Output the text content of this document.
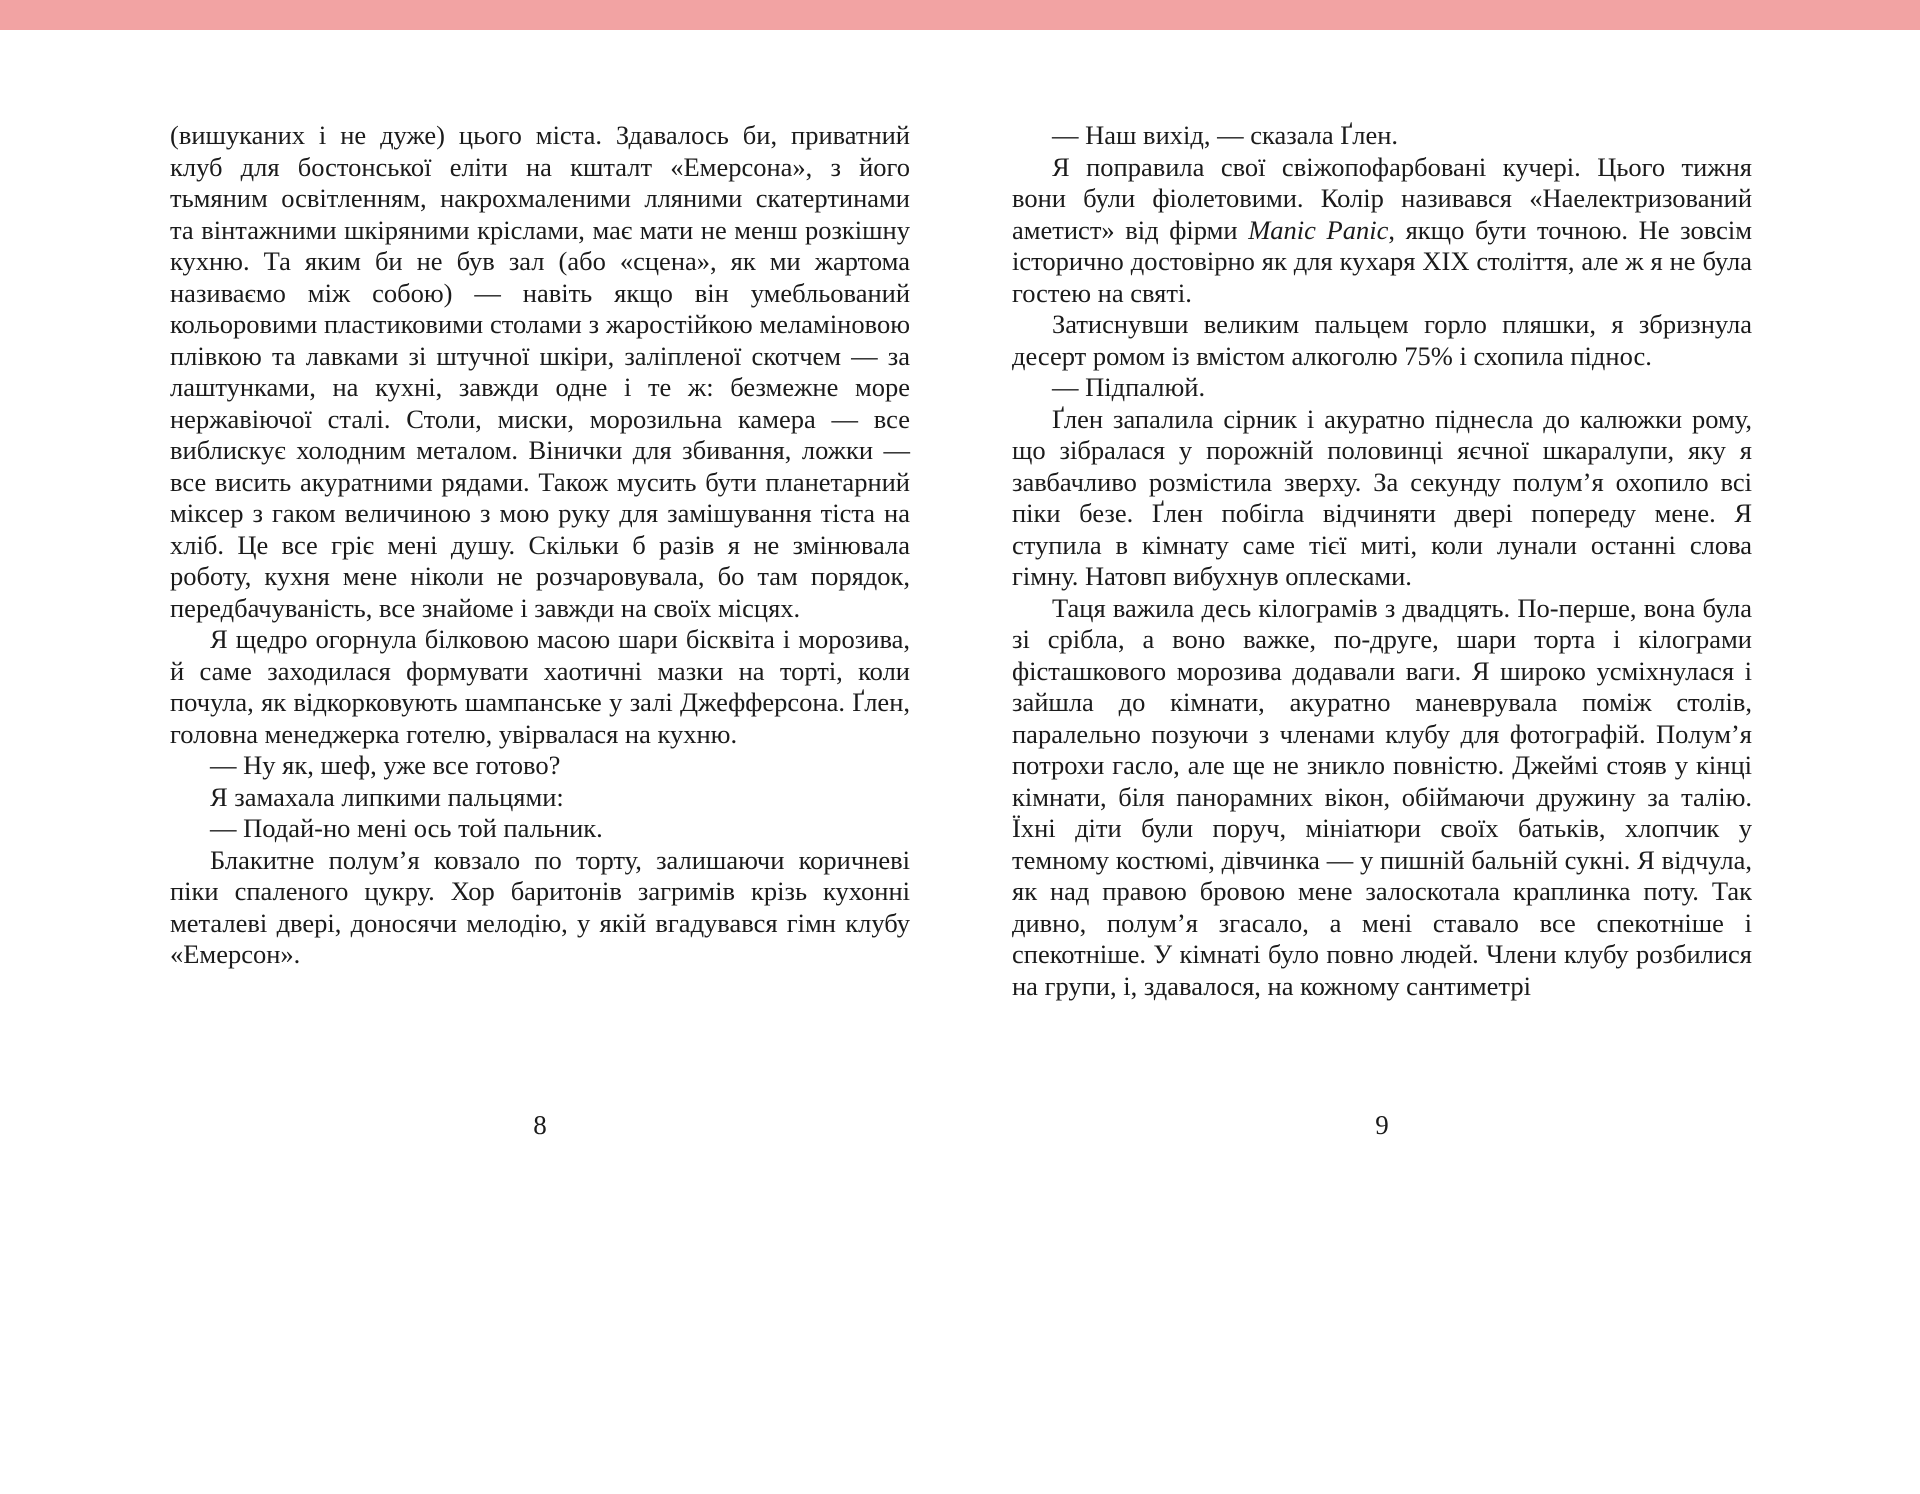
(вишуканих і не дуже) цього міста. Здавалось би, приватний клуб для бостонської еліти на кшталт «Емерсона», з його тьмяним освітленням, накрохмаленими лляними скатертинами та вінтажними шкіряними кріслами, має мати не менш розкішну кухню. Та яким би не був зал (або «сцена», як ми жартома називаємо між собою) — навіть якщо він умебльований кольоровими пластиковими столами з жаростійкою меламіновою плівкою та лавками зі штучної шкіри, заліпленої скотчем — за лаштунками, на кухні, завжди одне і те ж: безмежне море нержавіючої сталі. Столи, миски, морозильна камера — все виблискує холодним металом. Вінички для збивання, ложки — все висить акуратними рядами. Також мусить бути планетарний міксер з гаком величиною з мою руку для замішування тіста на хліб. Це все гріє мені душу. Скільки б разів я не змінювала роботу, кухня мене ніколи не розчаровувала, бо там порядок, передбачуваність, все знайоме і завжди на своїх місцях.

Я щедро огорнула білковою масою шари бісквіта і морозива, й саме заходилася формувати хаотичні мазки на торті, коли почула, як відкорковують шампанське у залі Джефферсона. Ґлен, головна менеджерка готелю, увірвалася на кухню.

— Ну як, шеф, уже все готово?

Я замахала липкими пальцями:

— Подай-но мені ось той пальник.

Блакитне полум’я ковзало по торту, залишаючи коричневі піки спаленого цукру. Хор баритонів загримів крізь кухонні металеві двері, доносячи мелодію, у якій вгадувався гімн клубу «Емерсон».

— Наш вихід, — сказала Ґлен.

Я поправила свої свіжопофарбовані кучері. Цього тижня вони були фіолетовими. Колір називався «Наелектризований аметист» від фірми Manic Panic, якщо бути точною. Не зовсім історично достовірно як для кухаря XIX століття, але ж я не була гостею на святі.

Затиснувши великим пальцем горло пляшки, я збризнула десерт ромом із вмістом алкоголю 75% і схопила піднос.

— Підпалюй.

Ґлен запалила сірник і акуратно піднесла до калюжки рому, що зібралася у порожній половинці яєчної шкаралупи, яку я завбачливо розмістила зверху. За секунду полум’я охопило всі піки безе. Ґлен побігла відчиняти двері попереду мене. Я ступила в кімнату саме тієї миті, коли лунали останні слова гімну. Натовп вибухнув оплесками.

Таця важила десь кілограмів з двадцять. По-перше, вона була зі срібла, а воно важке, по-друге, шари торта і кілограми фісташкового морозива додавали ваги. Я широко усміхнулася і зайшла до кімнати, акуратно маневрувала поміж столів, паралельно позуючи з членами клубу для фотографій. Полум’я потрохи гасло, але ще не зникло повністю. Джеймі стояв у кінці кімнати, біля панорамних вікон, обіймаючи дружину за талію. Їхні діти були поруч, мініатюри своїх батьків, хлопчик у темному костюмі, дівчинка — у пишній бальній сукні. Я відчула, як над правою бровою мене залоскотала краплинка поту. Так дивно, полум’я згасало, а мені ставало все спекотніше і спекотніше. У кімнаті було повно людей. Члени клубу розбилися на групи, і, здавалося, на кожному сантиметрі

8	9
